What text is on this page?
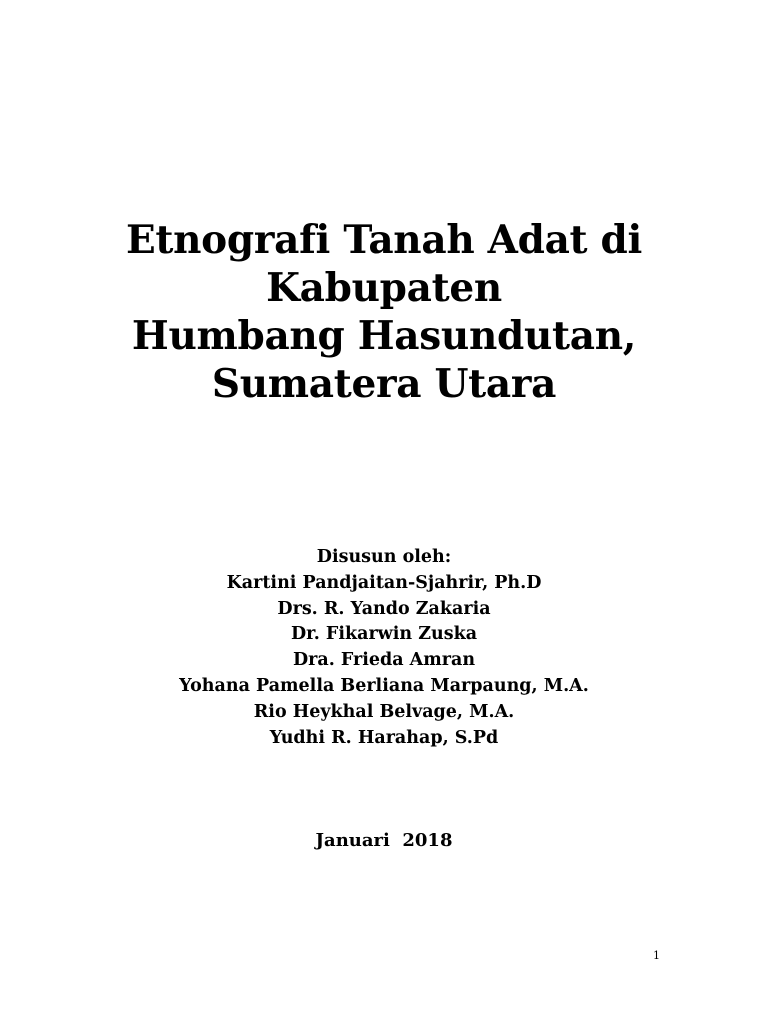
Etnografi Tanah Adat di
Kabupaten
Humbang Hasundutan,
Sumatera Utara
Disusun oleh:
Kartini Pandjaitan-Sjahrir, Ph.D
Drs. R. Yando Zakaria
Dr. Fikarwin Zuska
Dra. Frieda Amran
Yohana Pamella Berliana Marpaung, M.A.
Rio Heykhal Belvage, M.A.
Yudhi R. Harahap, S.Pd
Januari  2018
1
